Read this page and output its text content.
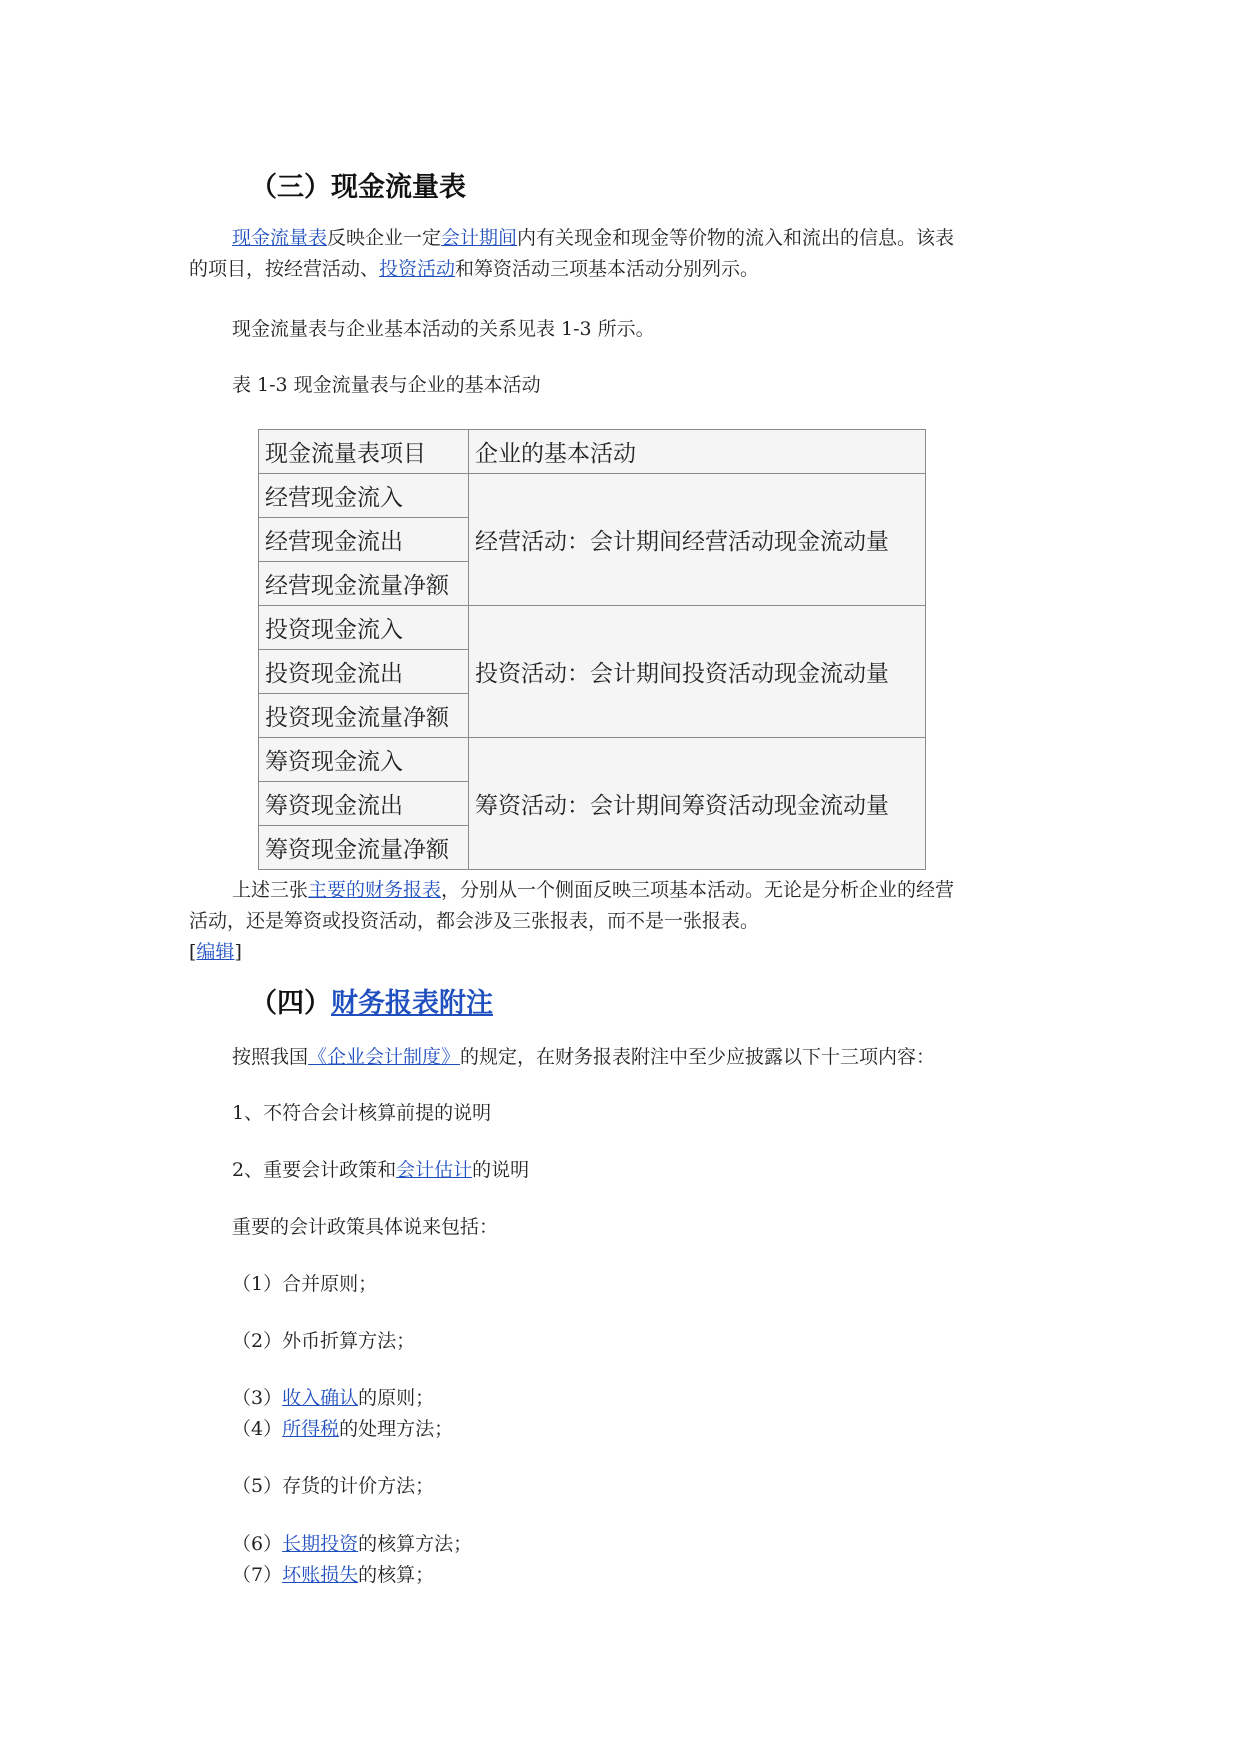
（三）现金流量表
现金流量表反映企业一定会计期间内有关现金和现金等价物的流入和流出的信息。该表
的项目，按经营活动、投资活动和筹资活动三项基本活动分别列示。
现金流量表与企业基本活动的关系见表 1-3 所示。
表 1-3 现金流量表与企业的基本活动
现金流量表项目	企业的基本活动
经营现金流入	经营活动：会计期间经营活动现金流动量
经营现金流出	
经营现金流量净额	
投资现金流入	投资活动：会计期间投资活动现金流动量
投资现金流出	
投资现金流量净额	
筹资现金流入	筹资活动：会计期间筹资活动现金流动量
筹资现金流出	
筹资现金流量净额	
上述三张主要的财务报表，分别从一个侧面反映三项基本活动。无论是分析企业的经营
活动，还是筹资或投资活动，都会涉及三张报表，而不是一张报表。
[编辑]
（四）财务报表附注
按照我国《企业会计制度》的规定，在财务报表附注中至少应披露以下十三项内容：
1、不符合会计核算前提的说明
2、重要会计政策和会计估计的说明
重要的会计政策具体说来包括：
（1）合并原则；
（2）外币折算方法；
（3）收入确认的原则；
（4）所得税的处理方法；
（5）存货的计价方法；
（6）长期投资的核算方法；
（7）坏账损失的核算；
